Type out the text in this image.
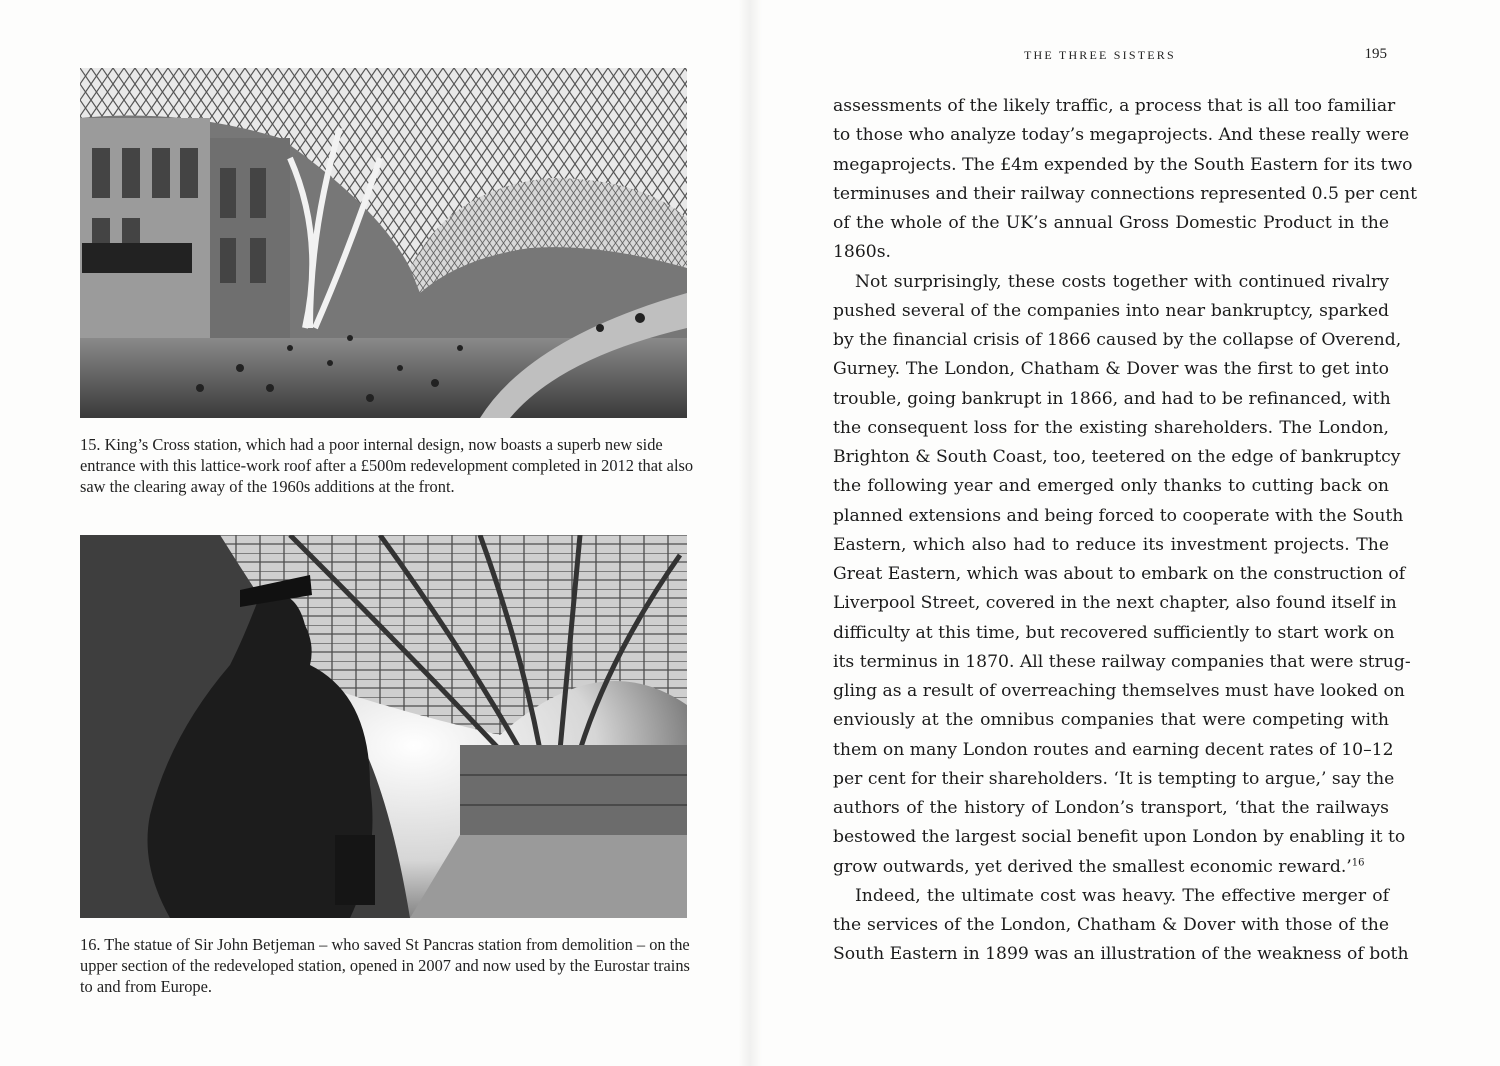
15. King’s Cross station, which had a poor internal design, now boasts a superb new side entrance with this lattice-work roof after a £500m redevelopment completed in 2012 that also saw the clearing away of the 1960s additions at the front.

16. The statue of Sir John Betjeman – who saved St Pancras station from demolition – on the upper section of the redeveloped station, opened in 2007 and now used by the Eurostar trains to and from Europe.

THE THREE SISTERS	195
assessments of the likely traffic, a process that is all too familiar
to those who analyze today’s megaprojects. And these really were
megaprojects. The £4m expended by the South Eastern for its two
terminuses and their railway connections represented 0.5 per cent
of the whole of the UK’s annual Gross Domestic Product in the
1860s.
Not surprisingly, these costs together with continued rivalry
pushed several of the companies into near bankruptcy, sparked
by the financial crisis of 1866 caused by the collapse of Overend,
Gurney. The London, Chatham & Dover was the first to get into
trouble, going bankrupt in 1866, and had to be refinanced, with
the consequent loss for the existing shareholders. The London,
Brighton & South Coast, too, teetered on the edge of bankruptcy
the following year and emerged only thanks to cutting back on
planned extensions and being forced to cooperate with the South
Eastern, which also had to reduce its investment projects. The
Great Eastern, which was about to embark on the construction of
Liverpool Street, covered in the next chapter, also found itself in
difficulty at this time, but recovered sufficiently to start work on
its terminus in 1870. All these railway companies that were strug-
gling as a result of overreaching themselves must have looked on
enviously at the omnibus companies that were competing with
them on many London routes and earning decent rates of 10–12
per cent for their shareholders. ‘It is tempting to argue,’ say the
authors of the history of London’s transport, ‘that the railways
bestowed the largest social benefit upon London by enabling it to
grow outwards, yet derived the smallest economic reward.’$^{16}$
Indeed, the ultimate cost was heavy. The effective merger of
the services of the London, Chatham & Dover with those of the
South Eastern in 1899 was an illustration of the weakness of both
